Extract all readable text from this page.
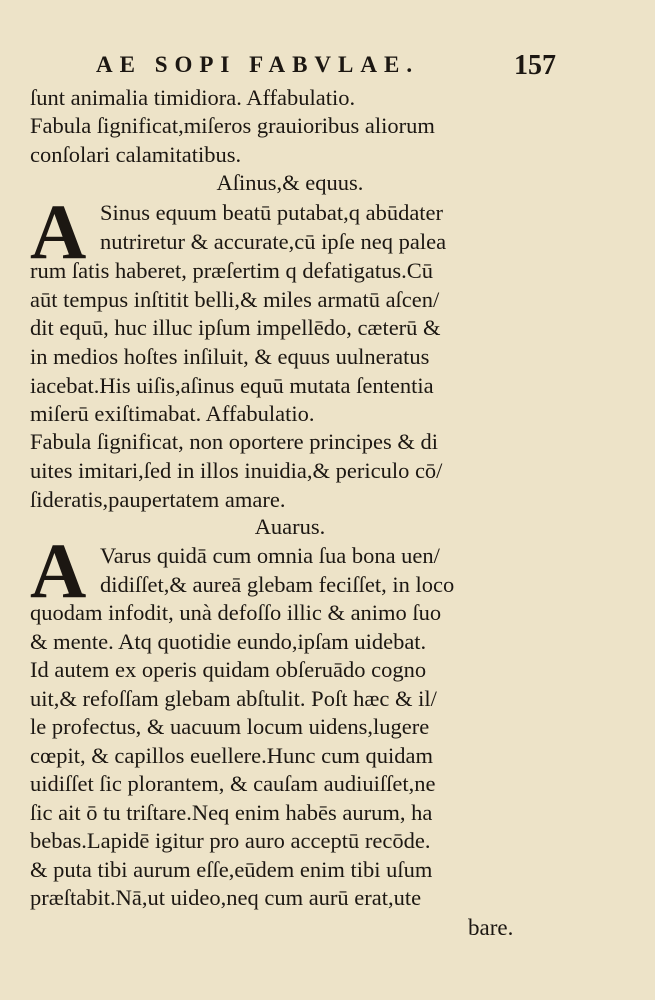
AE SOPI FABVLAE.	157
A
A
ſunt animalia timidiora. Affabulatio.
Fabula ſignificat,miſeros grauioribus aliorum
conſolari calamitatibus.
Aſinus,& equus.
Sinus equum beatū putabat,q abūdater
nutriretur & accurate,cū ipſe neq palea
rum ſatis haberet, præſertim q defatigatus.Cū
aūt tempus inſtitit belli,& miles armatū aſcen/
dit equū, huc illuc ipſum impellēdo, cæterū &
in medios hoſtes inſiluit, & equus uulneratus
iacebat.His uiſis,aſinus equū mutata ſententia
miſerū exiſtimabat. Affabulatio.
Fabula ſignificat, non oportere principes & di
uites imitari,ſed in illos inuidia,& periculo cō/
ſideratis,paupertatem amare.
Auarus.
Varus quidā cum omnia ſua bona uen/
didiſſet,& aureā glebam feciſſet, in loco
quodam infodit, unà defoſſo illic & animo ſuo
& mente. Atq quotidie eundo,ipſam uidebat.
Id autem ex operis quidam obſeruādo cogno
uit,& refoſſam glebam abſtulit. Poſt hæc & il/
le profectus, & uacuum locum uidens,lugere
cœpit, & capillos euellere.Hunc cum quidam
uidiſſet ſic plorantem, & cauſam audiuiſſet,ne
ſic ait ō tu triſtare.Neq enim habēs aurum, ha
bebas.Lapidē igitur pro auro acceptū recōde.
& puta tibi aurum eſſe,eūdem enim tibi uſum
præſtabit.Nā,ut uideo,neq cum aurū erat,ute
bare.
